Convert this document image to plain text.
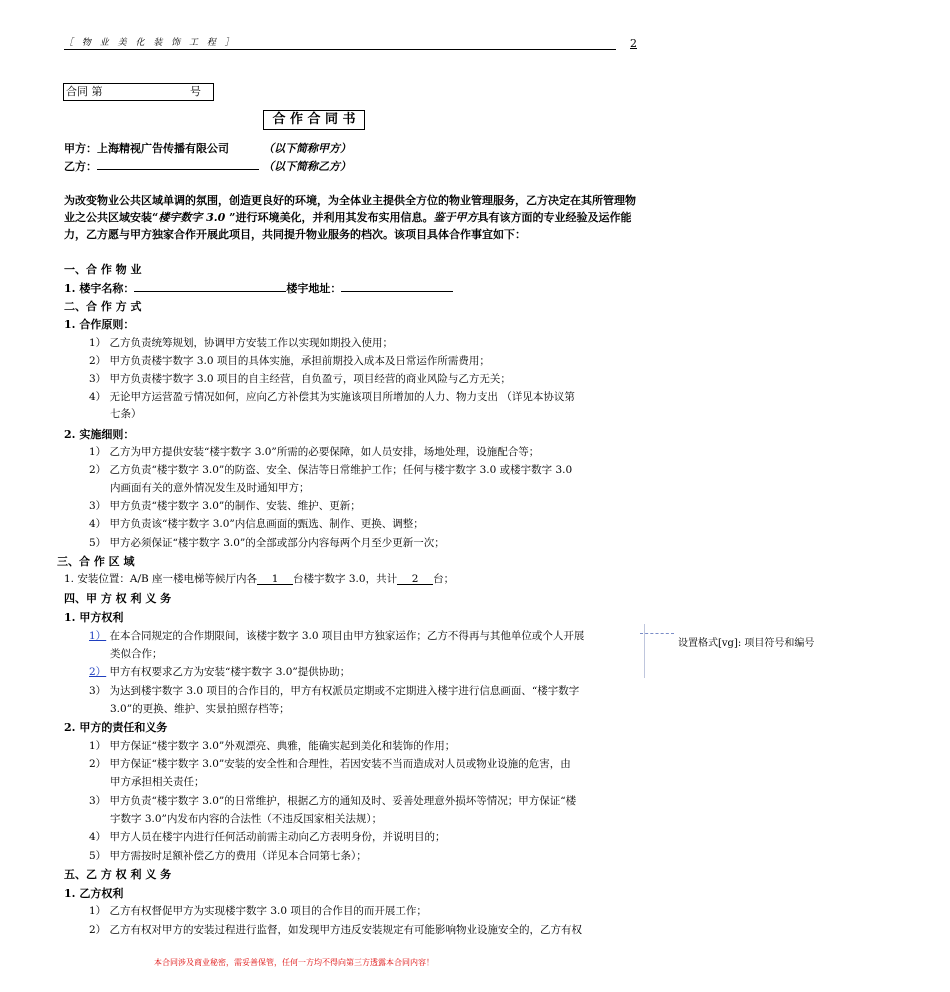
［ 物 业 美 化 装 饰 工 程 ］	2
合同 第	号
合 作 合 同 书
甲方：上海精视广告传播有限公司	（以下简称甲方）
乙方：	（以下简称乙方）
为改变物业公共区域单调的氛围，创造更良好的环境，为全体业主提供全方位的物业管理服务，乙方决定在其所管理物业之公共区域安装“楼宇数字 3.0 ”进行环境美化，并利用其发布实用信息。鉴于甲方具有该方面的专业经验及运作能力，乙方愿与甲方独家合作开展此项目，共同提升物业服务的档次。该项目具体合作事宜如下：
一、合 作 物 业
1. 楼宇名称：	楼宇地址：
二、合 作 方 式
1. 合作原则：
1） 乙方负责统筹规划，协调甲方安装工作以实现如期投入使用；
2） 甲方负责楼宇数字 3.0 项目的具体实施，承担前期投入成本及日常运作所需费用；
3） 甲方负责楼宇数字 3.0 项目的自主经营，自负盈亏，项目经营的商业风险与乙方无关；
4） 无论甲方运营盈亏情况如何，应向乙方补偿其为实施该项目所增加的人力、物力支出 （详见本协议第
七条）
2. 实施细则：
1） 乙方为甲方提供安装“楼宇数字 3.0”所需的必要保障，如人员安排，场地处理，设施配合等；
2） 乙方负责“楼宇数字 3.0”的防盗、安全、保洁等日常维护工作；任何与楼宇数字 3.0 或楼宇数字 3.0
内画面有关的意外情况发生及时通知甲方；
3） 甲方负责“楼宇数字 3.0”的制作、安装、维护、更新；
4） 甲方负责该“楼宇数字 3.0”内信息画面的甄选、制作、更换、调整；
5） 甲方必须保证“楼宇数字 3.0”的全部或部分内容每两个月至少更新一次；
三、合 作 区 域
1. 安装位置：A/B 座一楼电梯等候厅内各 1 台楼宇数字 3.0，共计 2 台；
四、甲 方 权 利 义 务
1. 甲方权利
1） 在本合同规定的合作期限间，该楼宇数字 3.0 项目由甲方独家运作；乙方不得再与其他单位或个人开展
类似合作；
2） 甲方有权要求乙方为安装“楼宇数字 3.0”提供协助；
3） 为达到楼宇数字 3.0 项目的合作目的，甲方有权派员定期或不定期进入楼宇进行信息画面、“楼宇数字
3.0”的更换、维护、实景拍照存档等；
2. 甲方的责任和义务
1） 甲方保证“楼宇数字 3.0”外观漂亮、典雅，能确实起到美化和装饰的作用；
2） 甲方保证“楼宇数字 3.0”安装的安全性和合理性，若因安装不当而造成对人员或物业设施的危害，由
甲方承担相关责任；
3） 甲方负责“楼宇数字 3.0”的日常维护，根据乙方的通知及时、妥善处理意外损坏等情况；甲方保证“楼
宇数字 3.0”内发布内容的合法性（不违反国家相关法规）；
4） 甲方人员在楼宇内进行任何活动前需主动向乙方表明身份，并说明目的；
5） 甲方需按时足额补偿乙方的费用（详见本合同第七条）；
五、乙 方 权 利 义 务
1. 乙方权利
1） 乙方有权督促甲方为实现楼宇数字 3.0 项目的合作目的而开展工作；
2） 乙方有权对甲方的安装过程进行监督，如发现甲方违反安装规定有可能影响物业设施安全的，乙方有权
设置格式[vg]: 项目符号和编号
本合同涉及商业秘密，需妥善保管，任何一方均不得向第三方透露本合同内容！
